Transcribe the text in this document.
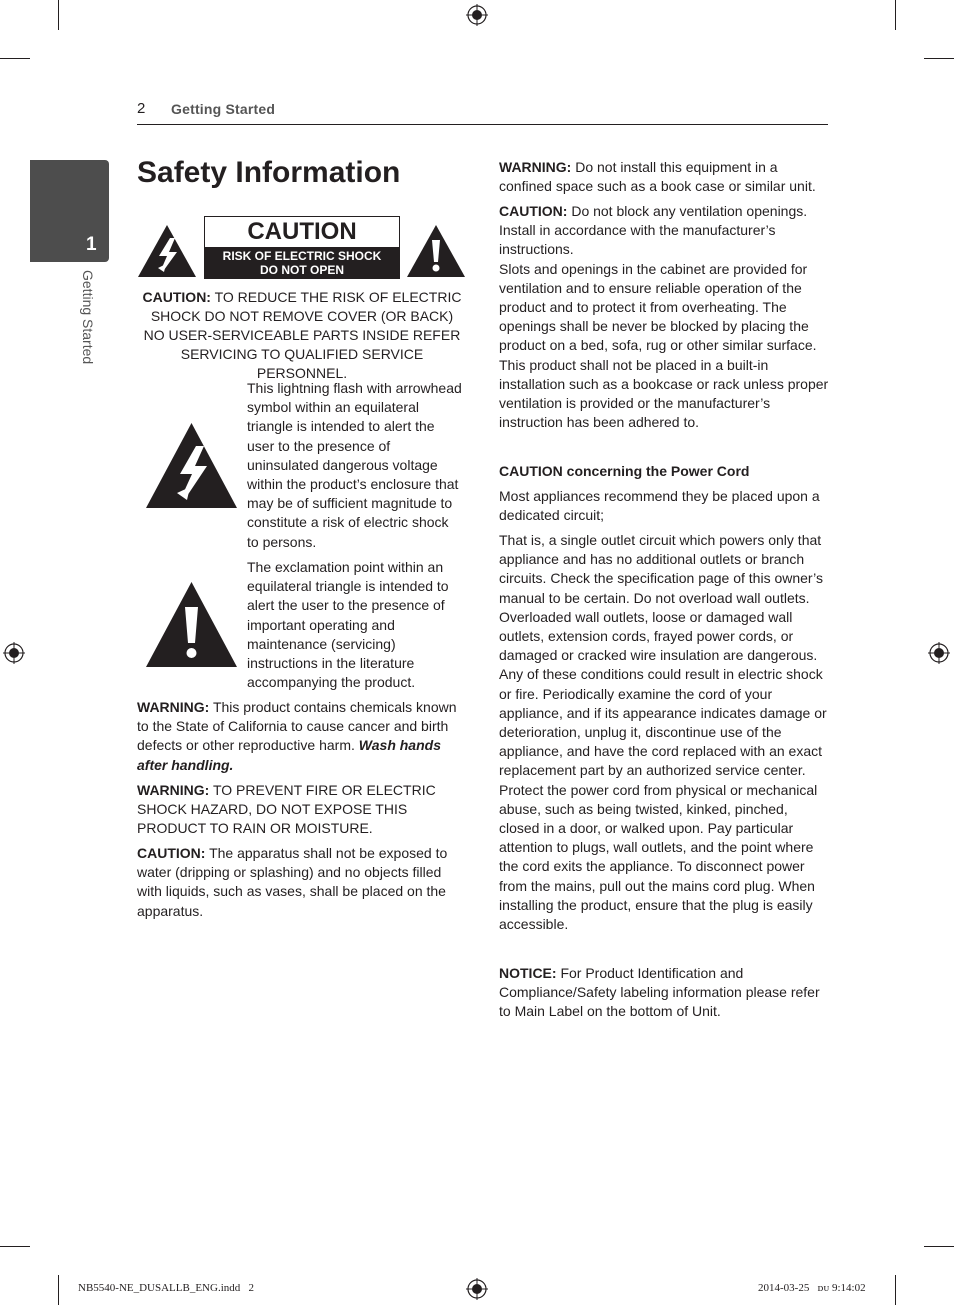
2 Getting Started
1
Getting Started
Safety Information
CAUTION
RISK OF ELECTRIC SHOCK
DO NOT OPEN
CAUTION: TO REDUCE THE RISK OF ELECTRIC SHOCK DO NOT REMOVE COVER (OR BACK) NO USER-SERVICEABLE PARTS INSIDE REFER SERVICING TO QUALIFIED SERVICE PERSONNEL.

This lightning flash with arrowhead symbol within an equilateral triangle is intended to alert the user to the presence of uninsulated dangerous voltage within the product’s enclosure that may be of sufficient magnitude to constitute a risk of electric shock to persons.

The exclamation point within an equilateral triangle is intended to alert the user to the presence of important operating and maintenance (servicing) instructions in the literature accompanying the product.

WARNING: This product contains chemicals known to the State of California to cause cancer and birth defects or other reproductive harm. Wash hands after handling.

WARNING: TO PREVENT FIRE OR ELECTRIC SHOCK HAZARD, DO NOT EXPOSE THIS PRODUCT TO RAIN OR MOISTURE.

CAUTION: The apparatus shall not be exposed to water (dripping or splashing) and no objects filled with liquids, such as vases, shall be placed on the apparatus.

WARNING: Do not install this equipment in a confined space such as a book case or similar unit.

CAUTION: Do not block any ventilation openings. Install in accordance with the manufacturer’s instructions.
Slots and openings in the cabinet are provided for ventilation and to ensure reliable operation of the product and to protect it from overheating. The openings shall be never be blocked by placing the product on a bed, sofa, rug or other similar surface. This product shall not be placed in a built-in installation such as a bookcase or rack unless proper ventilation is provided or the manufacturer’s instruction has been adhered to.

CAUTION concerning the Power Cord

Most appliances recommend they be placed upon a dedicated circuit;

That is, a single outlet circuit which powers only that appliance and has no additional outlets or branch circuits. Check the specification page of this owner’s manual to be certain. Do not overload wall outlets. Overloaded wall outlets, loose or damaged wall outlets, extension cords, frayed power cords, or damaged or cracked wire insulation are dangerous. Any of these conditions could result in electric shock or fire. Periodically examine the cord of your appliance, and if its appearance indicates damage or deterioration, unplug it, discontinue use of the appliance, and have the cord replaced with an exact replacement part by an authorized service center. Protect the power cord from physical or mechanical abuse, such as being twisted, kinked, pinched, closed in a door, or walked upon. Pay particular attention to plugs, wall outlets, and the point where the cord exits the appliance. To disconnect power from the mains, pull out the mains cord plug. When installing the product, ensure that the plug is easily accessible.

NOTICE: For Product Identification and Compliance/Safety labeling information please refer to Main Label on the bottom of Unit.

NB5540-NE_DUSALLB_ENG.indd   2	2014-03-25   ᴅᴜ 9:14:02
